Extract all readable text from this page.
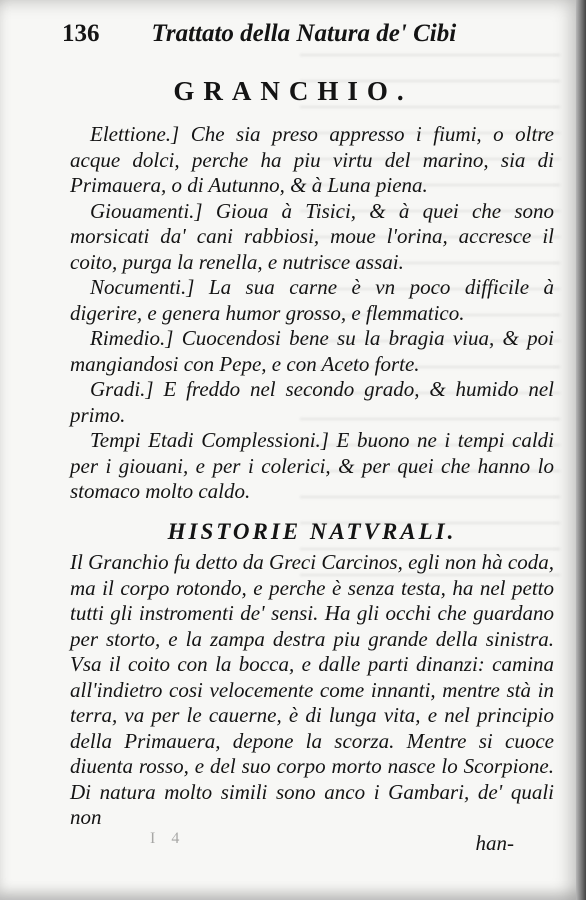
136 Trattato della Natura de' Cibi
GRANCHIO.

Elettione.] Che sia preso appresso i fiumi, o oltre acque dolci, perche ha piu virtu del marino, sia di Primauera, o di Autunno, & à Luna piena.

Giouamenti.] Gioua à Tisici, & à quei che sono morsicati da' cani rabbiosi, moue l'orina, accresce il coito, purga la renella, e nutrisce assai.

Nocumenti.] La sua carne è vn poco difficile à digerire, e genera humor grosso, e flemmatico.

Rimedio.] Cuocendosi bene su la bragia viua, & poi mangiandosi con Pepe, e con Aceto forte.

Gradi.] E freddo nel secondo grado, & humido nel primo.

Tempi Etadi Complessioni.] E buono ne i tempi caldi per i giouani, e per i colerici, & per quei che hanno lo stomaco molto caldo.

HISTORIE NATVRALI.

Il Granchio fu detto da Greci Carcinos, egli non hà coda, ma il corpo rotondo, e perche è senza testa, ha nel petto tutti gli instromenti de' sensi. Ha gli occhi che guardano per storto, e la zampa destra piu grande della sinistra. Vsa il coito con la bocca, e dalle parti dinanzi: camina all'indietro cosi velocemente come innanti, mentre stà in terra, va per le cauerne, è di lunga vita, e nel principio della Primauera, depone la scorza. Mentre si cuoce diuenta rosso, e del suo corpo morto nasce lo Scorpione. Di natura molto simili sono anco i Gambari, de' quali non

han-

I 4
